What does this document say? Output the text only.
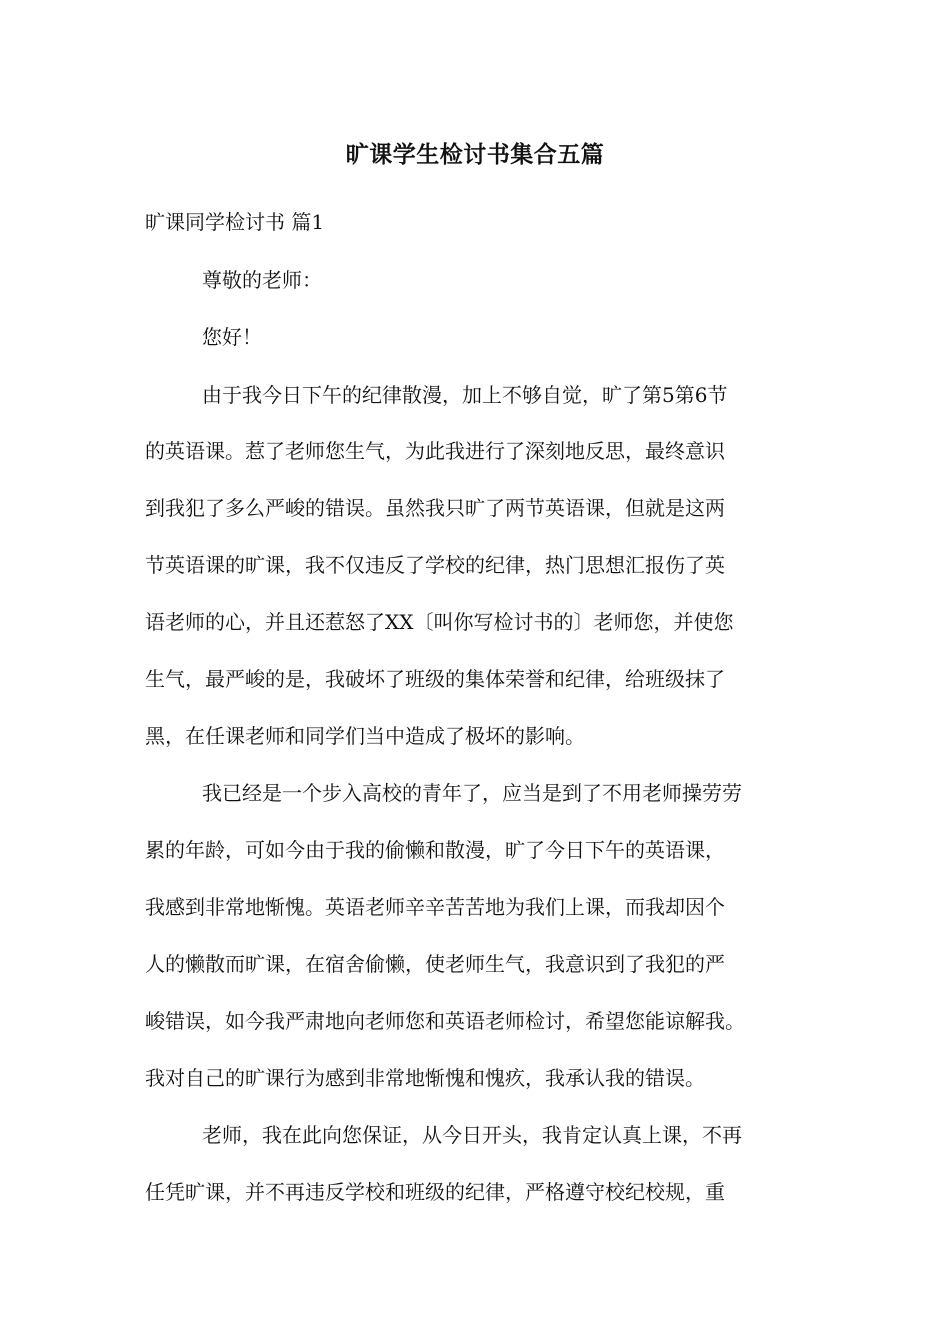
旷课学生检讨书集合五篇
旷课同学检讨书 篇1
尊敬的老师：
您好！
由于我今日下午的纪律散漫，加上不够自觉，旷了第5第6节
的英语课。惹了老师您生气，为此我进行了深刻地反思，最终意识
到我犯了多么严峻的错误。虽然我只旷了两节英语课，但就是这两
节英语课的旷课，我不仅违反了学校的纪律，热门思想汇报伤了英
语老师的心，并且还惹怒了XX〔叫你写检讨书的〕老师您，并使您
生气，最严峻的是，我破坏了班级的集体荣誉和纪律，给班级抹了
黑，在任课老师和同学们当中造成了极坏的影响。
我已经是一个步入高校的青年了，应当是到了不用老师操劳劳
累的年龄，可如今由于我的偷懒和散漫，旷了今日下午的英语课，
我感到非常地惭愧。英语老师辛辛苦苦地为我们上课，而我却因个
人的懒散而旷课，在宿舍偷懒，使老师生气，我意识到了我犯的严
峻错误，如今我严肃地向老师您和英语老师检讨，希望您能谅解我。
我对自己的旷课行为感到非常地惭愧和愧疚，我承认我的错误。
老师，我在此向您保证，从今日开头，我肯定认真上课，不再
任凭旷课，并不再违反学校和班级的纪律，严格遵守校纪校规，重
